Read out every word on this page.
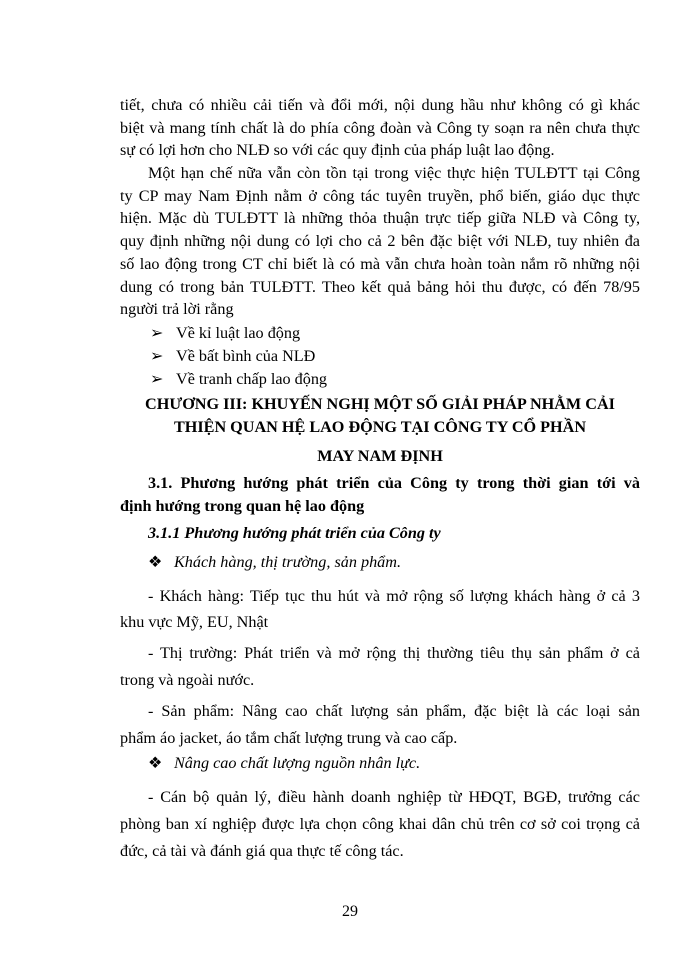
tiết, chưa có nhiều cải tiến và đổi mới, nội dung hầu như không có gì khác
biệt và mang tính chất là do phía công đoàn và Công ty soạn ra nên chưa thực
sự có lợi hơn cho NLĐ so với các quy định của pháp luật lao động.
Một hạn chế nữa vẫn còn tồn tại trong việc thực hiện TULĐTT tại Công
ty CP may Nam Định nằm ở công tác tuyên truyền, phổ biến, giáo dục thực
hiện. Mặc dù TULĐTT là những thỏa thuận trực tiếp giữa NLĐ và Công ty,
quy định những nội dung có lợi cho cả 2 bên đặc biệt với NLĐ, tuy nhiên đa
số lao động trong CT chỉ biết là có mà vẫn chưa hoàn toàn nắm rõ những nội
dung có trong bản TULĐTT. Theo kết quả bảng hỏi thu được, có đến 78/95
người trả lời rằng
➢ Về kỉ luật lao động
➢ Về bất bình của NLĐ
➢ Về tranh chấp lao động
CHƯƠNG III: KHUYẾN NGHỊ MỘT SỐ GIẢI PHÁP NHẰM CẢI
THIỆN QUAN HỆ LAO ĐỘNG TẠI CÔNG TY CỔ PHẦN
MAY NAM ĐỊNH
3.1. Phương hướng phát triển của Công ty trong thời gian tới và
định hướng trong quan hệ lao động
3.1.1 Phương hướng phát triển của Công ty
❖ Khách hàng, thị trường, sản phẩm.
- Khách hàng: Tiếp tục thu hút và mở rộng số lượng khách hàng ở cả 3
khu vực Mỹ, EU, Nhật
- Thị trường: Phát triển và mở rộng thị thường tiêu thụ sản phẩm ở cả
trong và ngoài nước.
- Sản phẩm: Nâng cao chất lượng sản phẩm, đặc biệt là các loại sản
phẩm áo jacket, áo tắm chất lượng trung và cao cấp.
❖ Nâng cao chất lượng nguồn nhân lực.
- Cán bộ quản lý, điều hành doanh nghiệp từ HĐQT, BGĐ, trưởng các
phòng ban xí nghiệp được lựa chọn công khai dân chủ trên cơ sở coi trọng cả
đức, cả tài và đánh giá qua thực tế công tác.
29
